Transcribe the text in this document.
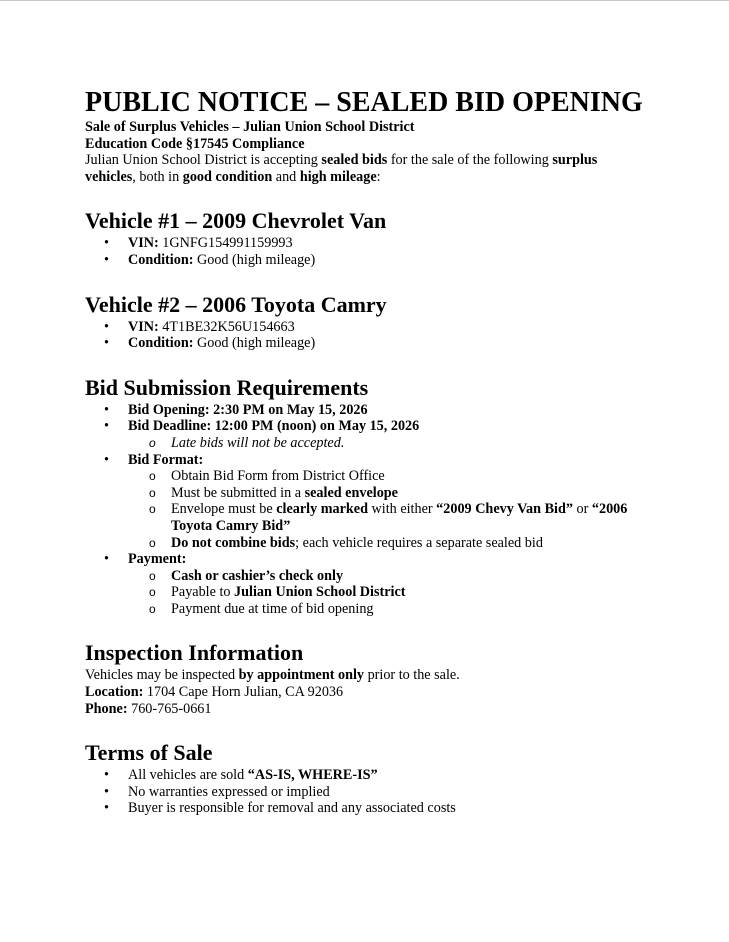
PUBLIC NOTICE – SEALED BID OPENING

Sale of Surplus Vehicles – Julian Union School District

Education Code §17545 Compliance

Julian Union School District is accepting sealed bids for the sale of the following surplus vehicles, both in good condition and high mileage:

Vehicle #1 – 2009 Chevrolet Van
• VIN: 1GNFG154991159993
• Condition: Good (high mileage)
Vehicle #2 – 2006 Toyota Camry
• VIN: 4T1BE32K56U154663
• Condition: Good (high mileage)
Bid Submission Requirements
• Bid Opening: 2:30 PM on May 15, 2026
• Bid Deadline: 12:00 PM (noon) on May 15, 2026
o Late bids will not be accepted.
• Bid Format:
o Obtain Bid Form from District Office
o Must be submitted in a sealed envelope
o Envelope must be clearly marked with either “2009 Chevy Van Bid” or “2006 Toyota Camry Bid”
o Do not combine bids; each vehicle requires a separate sealed bid
• Payment:
o Cash or cashier’s check only
o Payable to Julian Union School District
o Payment due at time of bid opening
Inspection Information

Vehicles may be inspected by appointment only prior to the sale.

Location: 1704 Cape Horn Julian, CA 92036

Phone: 760-765-0661

Terms of Sale
• All vehicles are sold “AS-IS, WHERE-IS”
• No warranties expressed or implied
• Buyer is responsible for removal and any associated costs
